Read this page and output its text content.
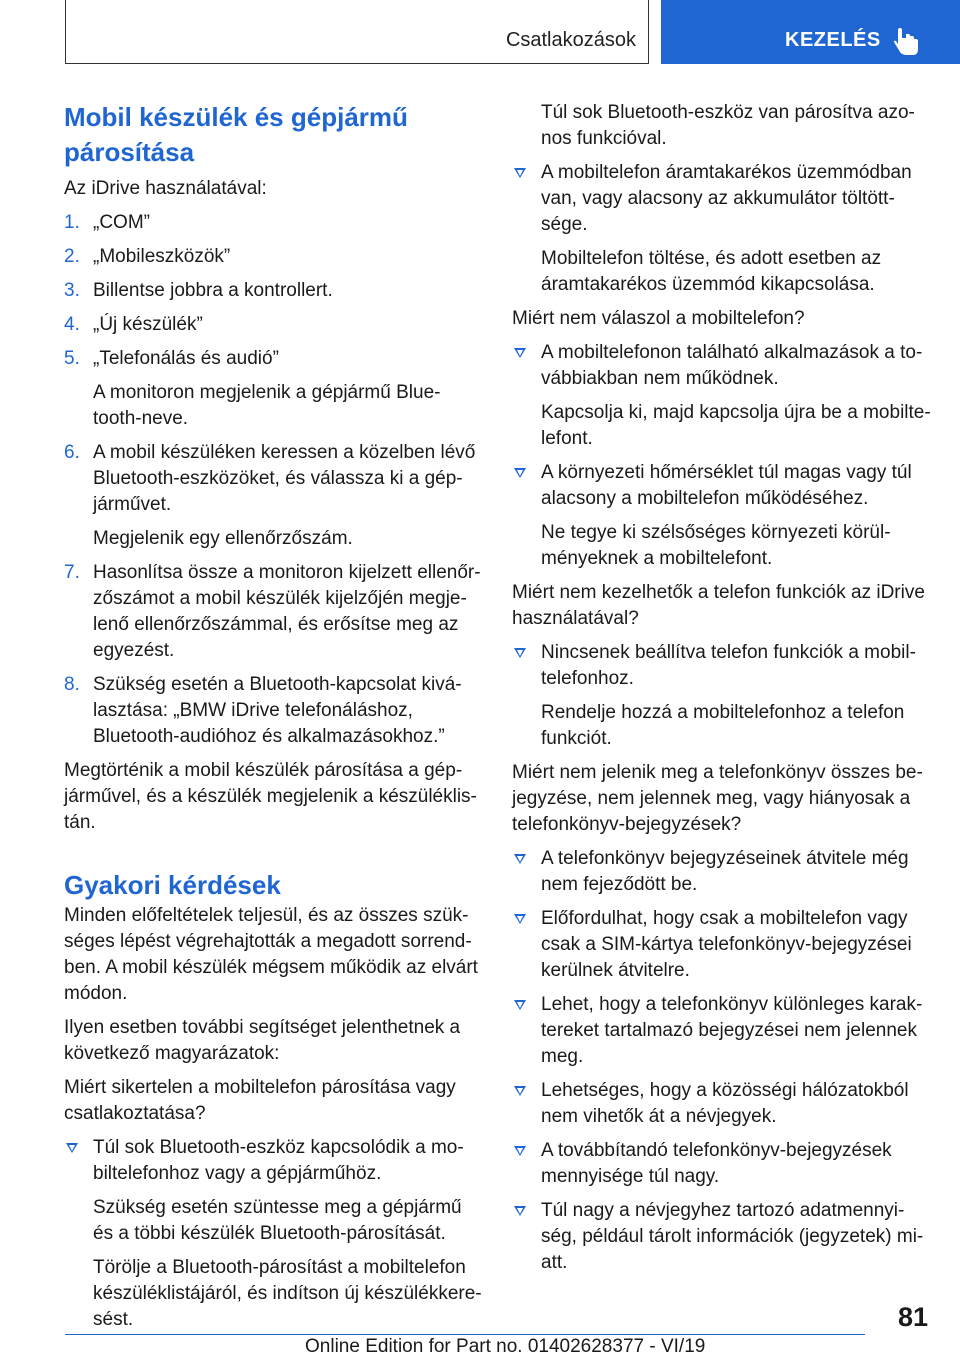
Csatlakozások	KEZELÉS
Mobil készülék és gépjármű
párosítása
Az iDrive használatával:
1. „COM”
2. „Mobileszközök”
3. Billentse jobbra a kontrollert.
4. „Új készülék”
5. „Telefonálás és audió”
A monitoron megjelenik a gépjármű Blue‐
tooth-neve.
6. A mobil készüléken keressen a közelben lévő
Bluetooth-eszközöket, és válassza ki a gép‐
járművet.
Megjelenik egy ellenőrzőszám.
7. Hasonlítsa össze a monitoron kijelzett ellenőr‐
zőszámot a mobil készülék kijelzőjén megje‐
lenő ellenőrzőszámmal, és erősítse meg az
egyezést.
8. Szükség esetén a Bluetooth-kapcsolat kivá‐
lasztása: „BMW iDrive telefonáláshoz,
Bluetooth-audióhoz és alkalmazásokhoz.”
Megtörténik a mobil készülék párosítása a gép‐
járművel, és a készülék megjelenik a készüléklis‐
tán.
Gyakori kérdések
Minden előfeltételek teljesül, és az összes szük‐
séges lépést végrehajtották a megadott sorrend‐
ben. A mobil készülék mégsem működik az elvárt
módon.
Ilyen esetben további segítséget jelenthetnek a
következő magyarázatok:
Miért sikertelen a mobiltelefon párosítása vagy
csatlakoztatása?
Túl sok Bluetooth-eszköz kapcsolódik a mo‐
biltelefonhoz vagy a gépjárműhöz.
Szükség esetén szüntesse meg a gépjármű
és a többi készülék Bluetooth-párosítását.
Törölje a Bluetooth-párosítást a mobiltelefon
készüléklistájáról, és indítson új készülékkere‐
sést.
Túl sok Bluetooth-eszköz van párosítva azo‐
nos funkcióval.
A mobiltelefon áramtakarékos üzemmódban
van, vagy alacsony az akkumulátor töltött‐
sége.
Mobiltelefon töltése, és adott esetben az
áramtakarékos üzemmód kikapcsolása.
Miért nem válaszol a mobiltelefon?
A mobiltelefonon található alkalmazások a to‐
vábbiakban nem működnek.
Kapcsolja ki, majd kapcsolja újra be a mobilte‐
lefont.
A környezeti hőmérséklet túl magas vagy túl
alacsony a mobiltelefon működéséhez.
Ne tegye ki szélsőséges környezeti körül‐
ményeknek a mobiltelefont.
Miért nem kezelhetők a telefon funkciók az iDrive
használatával?
Nincsenek beállítva telefon funkciók a mobil‐
telefonhoz.
Rendelje hozzá a mobiltelefonhoz a telefon
funkciót.
Miért nem jelenik meg a telefonkönyv összes be‐
jegyzése, nem jelennek meg, vagy hiányosak a
telefonkönyv-bejegyzések?
A telefonkönyv bejegyzéseinek átvitele még
nem fejeződött be.
Előfordulhat, hogy csak a mobiltelefon vagy
csak a SIM-kártya telefonkönyv-bejegyzései
kerülnek átvitelre.
Lehet, hogy a telefonkönyv különleges karak‐
tereket tartalmazó bejegyzései nem jelennek
meg.
Lehetséges, hogy a közösségi hálózatokból
nem vihetők át a névjegyek.
A továbbítandó telefonkönyv-bejegyzések
mennyisége túl nagy.
Túl nagy a névjegyhez tartozó adatmennyi‐
ség, például tárolt információk (jegyzetek) mi‐
att.
81
Online Edition for Part no. 01402628377 - VI/19
